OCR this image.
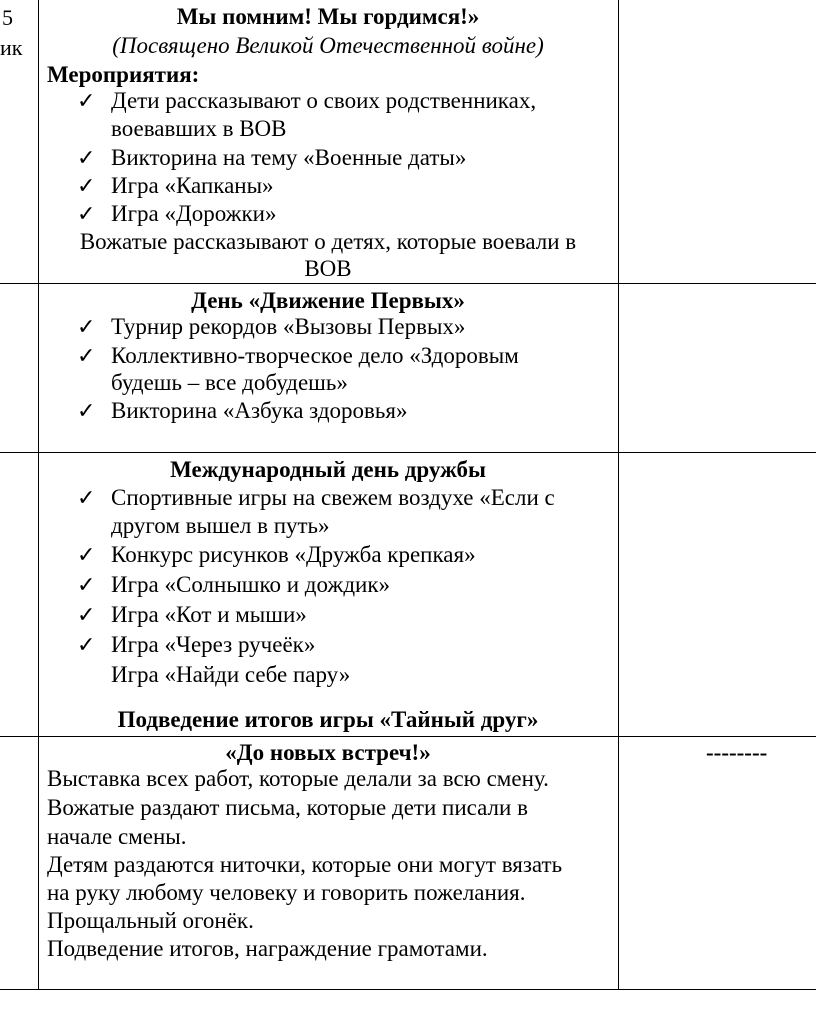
5
ик
Мы помним! Мы гордимся!»
(Посвящено Великой Отечественной войне)
Мероприятия:
✓ Дети рассказывают о своих родственниках,
воевавших в ВОВ
✓ Викторина на тему «Военные даты»
✓ Игра «Капканы»
✓ Игра «Дорожки»
Вожатые рассказывают о детях, которые воевали в
ВОВ
День «Движение Первых»
✓ Турнир рекордов «Вызовы Первых»
✓ Коллективно-творческое дело «Здоровым
будешь – все добудешь»
✓ Викторина «Азбука здоровья»
Международный день дружбы
✓ Спортивные игры на свежем воздухе «Если с
другом вышел в путь»
✓ Конкурс рисунков «Дружба крепкая»
✓ Игра «Солнышко и дождик»
✓ Игра «Кот и мыши»
✓ Игра «Через ручеёк»
Игра «Найди себе пару»
Подведение итогов игры «Тайный друг»
«До новых встреч!»
Выставка всех работ, которые делали за всю смену.
Вожатые раздают письма, которые дети писали в
начале смены.
Детям раздаются ниточки, которые они могут вязать
на руку любому человеку и говорить пожелания.
Прощальный огонёк.
Подведение итогов, награждение грамотами.
--------
